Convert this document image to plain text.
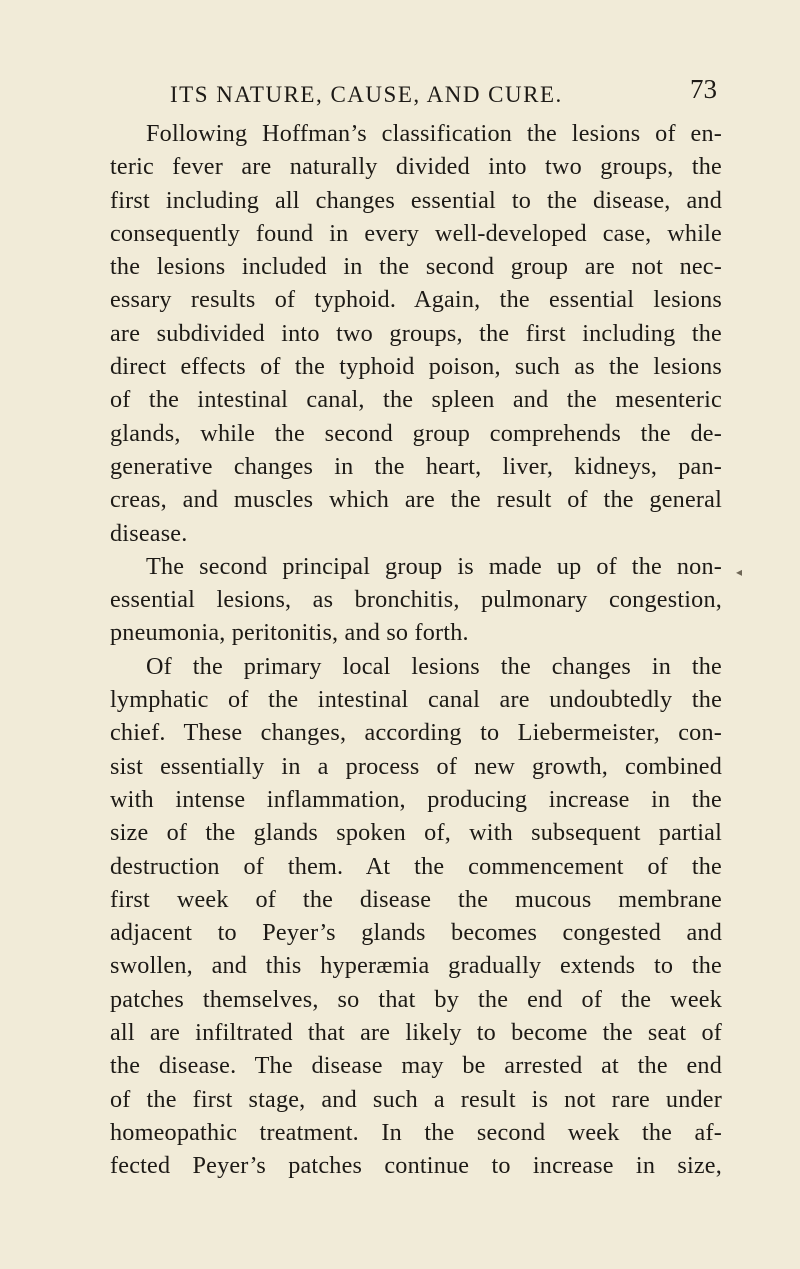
ITS NATURE, CAUSE, AND CURE.	73
Following Hoffman’s classification the lesions of en-
teric fever are naturally divided into two groups, the
first including all changes essential to the disease, and
consequently found in every well-developed case, while
the lesions included in the second group are not nec-
essary results of typhoid. Again, the essential lesions
are subdivided into two groups, the first including the
direct effects of the typhoid poison, such as the lesions
of the intestinal canal, the spleen and the mesenteric
glands, while the second group comprehends the de-
generative changes in the heart, liver, kidneys, pan-
creas, and muscles which are the result of the general
disease.
The second principal group is made up of the non-
essential lesions, as bronchitis, pulmonary congestion,
pneumonia, peritonitis, and so forth.
Of the primary local lesions the changes in the
lymphatic of the intestinal canal are undoubtedly the
chief. These changes, according to Liebermeister, con-
sist essentially in a process of new growth, combined
with intense inflammation, producing increase in the
size of the glands spoken of, with subsequent partial
destruction of them. At the commencement of the
first week of the disease the mucous membrane
adjacent to Peyer’s glands becomes congested and
swollen, and this hyperæmia gradually extends to the
patches themselves, so that by the end of the week
all are infiltrated that are likely to become the seat of
the disease. The disease may be arrested at the end
of the first stage, and such a result is not rare under
homeopathic treatment. In the second week the af-
fected Peyer’s patches continue to increase in size,
◂
